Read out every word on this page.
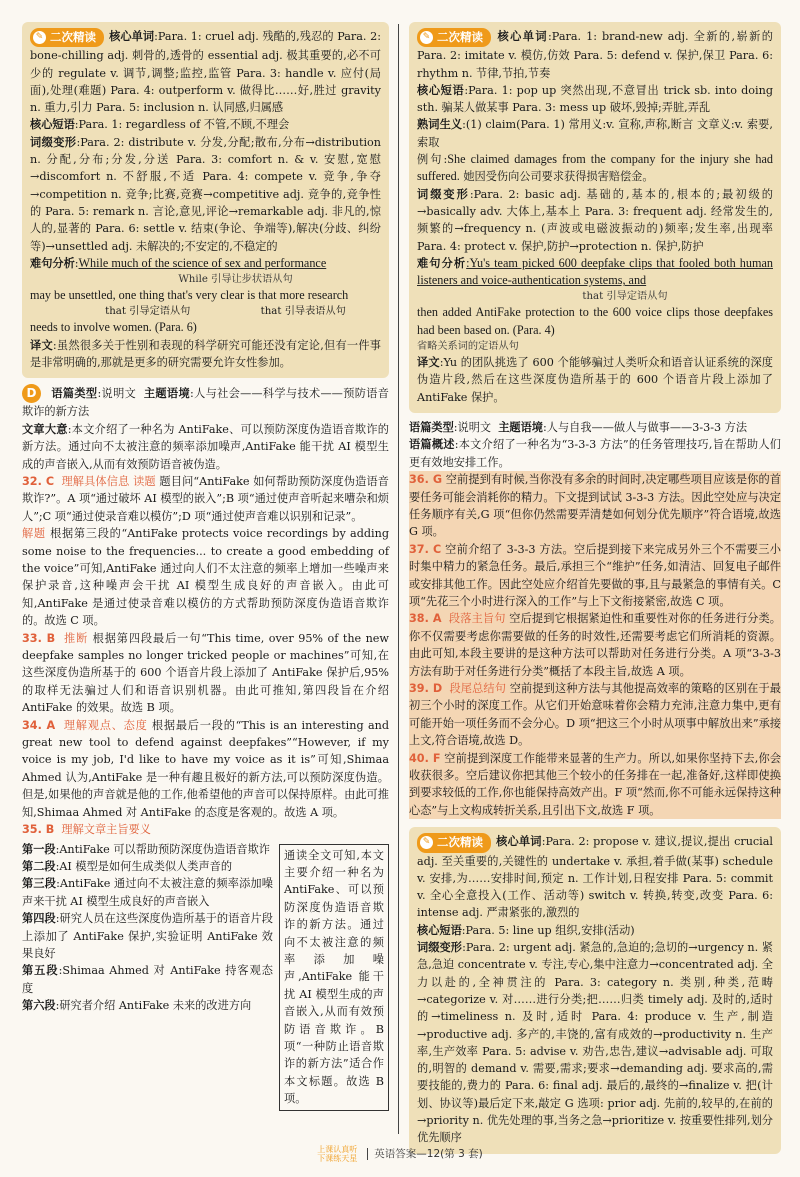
✎ 二次精读 核心单词:Para. 1: cruel adj. 残酷的,残忍的 Para. 2: bone-chilling adj. 刺骨的,透骨的 essential adj. 极其重要的,必不可少的 regulate v. 调节,调整;监控,监管 Para. 3: handle v. 应付(局面),处理(难题) Para. 4: outperform v. 做得比……好,胜过 gravity n. 重力,引力 Para. 5: inclusion n. 认同感,归属感

核心短语:Para. 1: regardless of 不管,不顾,不理会

词缀变形:Para. 2: distribute v. 分发,分配;散布,分布→distribution n. 分配,分布;分发,分送 Para. 3: comfort n. & v. 安慰,宽慰→discomfort n. 不舒服,不适 Para. 4: compete v. 竞争,争夺→competition n. 竞争;比赛,竞赛→competitive adj. 竞争的,竞争性的 Para. 5: remark n. 言论,意见,评论→remarkable adj. 非凡的,惊人的,显著的 Para. 6: settle v. 结束(争论、争端等),解决(分歧、纠纷等)→unsettled adj. 未解决的;不安定的,不稳定的

难句分析:While much of the science of sex and performance

While 引导让步状语从句

may be unsettled, one thing that's very clear is that more research

that 引导定语从句	that 引导表语从句

needs to involve women. (Para. 6)

译文:虽然很多关于性别和表现的科学研究可能还没有定论,但有一件事是非常明确的,那就是更多的研究需要允许女性参加。

D 语篇类型:说明文 主题语境:人与社会——科学与技术——预防语音欺诈的新方法

文章大意:本文介绍了一种名为 AntiFake、可以预防深度伪造语音欺诈的新方法。通过向不太被注意的频率添加噪声,AntiFake 能干扰 AI 模型生成的声音嵌入,从而有效预防语音被伪造。

32. C 理解具体信息 读题 题目问“AntiFake 如何帮助预防深度伪造语音欺诈?”。A 项“通过破坏 AI 模型的嵌入”;B 项“通过使声音听起来嘈杂和烦人”;C 项“通过使录音难以模仿”;D 项“通过使声音难以识别和记录”。

解题 根据第三段的“AntiFake protects voice recordings by adding some noise to the frequencies... to create a good embedding of the voice”可知,AntiFake 通过向人们不太注意的频率上增加一些噪声来保护录音,这种噪声会干扰 AI 模型生成良好的声音嵌入。由此可知,AntiFake 是通过使录音难以模仿的方式帮助预防深度伪造语音欺诈的。故选 C 项。

33. B 推断 根据第四段最后一句“This time, over 95% of the new deepfake samples no longer tricked people or machines”可知,在这些深度伪造所基于的 600 个语音片段上添加了 AntiFake 保护后,95% 的取样无法骗过人们和语音识别机器。由此可推知,第四段旨在介绍 AntiFake 的效果。故选 B 项。

34. A 理解观点、态度 根据最后一段的“This is an interesting and great new tool to defend against deepfakes”“However, if my voice is my job, I'd like to have my voice as it is”可知,Shimaa Ahmed 认为,AntiFake 是一种有趣且极好的新方法,可以预防深度伪造。但是,如果他的声音就是他的工作,他希望他的声音可以保持原样。由此可推知,Shimaa Ahmed 对 AntiFake 的态度是客观的。故选 A 项。

35. B 理解文章主旨要义

第一段:AntiFake 可以帮助预防深度伪造语音欺诈

第二段:AI 模型是如何生成类似人类声音的

第三段:AntiFake 通过向不太被注意的频率添加噪声来干扰 AI 模型生成良好的声音嵌入

第四段:研究人员在这些深度伪造所基于的语音片段上添加了 AntiFake 保护,实验证明 AntiFake 效果良好

第五段:Shimaa Ahmed 对 AntiFake 持客观态度

第六段:研究者介绍 AntiFake 未来的改进方向

通读全文可知,本文主要介绍一种名为 AntiFake、可以预防深度伪造语音欺诈的新方法。通过向不太被注意的频率添加噪声,AntiFake 能干扰 AI 模型生成的声音嵌入,从而有效预防语音欺诈。B 项“一种防止语音欺诈的新方法”适合作本文标题。故选 B 项。

✎ 二次精读 核心单词:Para. 1: brand-new adj. 全新的,崭新的 Para. 2: imitate v. 模仿,仿效 Para. 5: defend v. 保护,保卫 Para. 6: rhythm n. 节律,节拍,节奏

核心短语:Para. 1: pop up 突然出现,不意冒出 trick sb. into doing sth. 骗某人做某事 Para. 3: mess up 破坏,毁掉;弄脏,弄乱

熟词生义:(1) claim(Para. 1) 常用义:v. 宣称,声称,断言 文章义:v. 索要,索取

例句:She claimed damages from the company for the injury she had suffered. 她因受伤向公司要求获得损害赔偿金。

词缀变形:Para. 2: basic adj. 基础的,基本的,根本的;最初级的→basically adv. 大体上,基本上 Para. 3: frequent adj. 经常发生的,频繁的→frequency n. (声波或电磁波振动的)频率;发生率,出现率 Para. 4: protect v. 保护,防护→protection n. 保护,防护

难句分析:Yu's team picked 600 deepfake clips that fooled both human listeners and voice-authentication systems, and

that 引导定语从句

then added AntiFake protection to the 600 voice clips those deepfakes had been based on. (Para. 4)

省略关系词的定语从句

译文:Yu 的团队挑选了 600 个能够骗过人类听众和语音认证系统的深度伪造片段,然后在这些深度伪造所基于的 600 个语音片段上添加了 AntiFake 保护。

语篇类型:说明文 主题语境:人与自我——做人与做事——3-3-3 方法

语篇概述:本文介绍了一种名为“3-3-3 方法”的任务管理技巧,旨在帮助人们更有效地安排工作。

36. G 空前提到有时候,当你没有多余的时间时,决定哪些项目应该是你的首要任务可能会消耗你的精力。下文提到试试 3-3-3 方法。因此空处应与决定任务顺序有关,G 项“但你仍然需要弄清楚如何划分优先顺序”符合语境,故选 G 项。

37. C 空前介绍了 3-3-3 方法。空后提到接下来完成另外三个不需要三小时集中精力的紧急任务。最后,承担三个“维护”任务,如清洁、回复电子邮件或安排其他工作。因此空处应介绍首先要做的事,且与最紧急的事情有关。C 项“先花三个小时进行深入的工作”与上下文衔接紧密,故选 C 项。

38. A 段落主旨句 空后提到它根据紧迫性和重要性对你的任务进行分类。你不仅需要考虑你需要做的任务的时效性,还需要考虑它们所消耗的资源。由此可知,本段主要讲的是这种方法可以帮助对任务进行分类。A 项“3-3-3 方法有助于对任务进行分类”概括了本段主旨,故选 A 项。

39. D 段尾总结句 空前提到这种方法与其他提高效率的策略的区别在于最初三个小时的深度工作。从它们开始意味着你会精力充沛,注意力集中,更有可能开始一项任务而不会分心。D 项“把这三个小时从项事中解放出来”承接上文,符合语境,故选 D。

40. F 空前提到深度工作能带来显著的生产力。所以,如果你坚持下去,你会收获很多。空后建议你把其他三个较小的任务排在一起,准备好,这样即使换到要求较低的工作,你也能保持高效产出。F 项“然而,你不可能永远保持这种心态”与上文构成转折关系,且引出下文,故选 F 项。

✎ 二次精读 核心单词:Para. 2: propose v. 建议,提议,提出 crucial adj. 至关重要的,关键性的 undertake v. 承担,着手做(某事) schedule v. 安排,为……安排时间,预定 n. 工作计划,日程安排 Para. 5: commit v. 全心全意投入(工作、活动等) switch v. 转换,转变,改变 Para. 6: intense adj. 严肃紧张的,激烈的

核心短语:Para. 5: line up 组织,安排(活动)

词缀变形:Para. 2: urgent adj. 紧急的,急迫的;急切的→urgency n. 紧急,急迫 concentrate v. 专注,专心,集中注意力→concentrated adj. 全力以赴的,全神贯注的 Para. 3: category n. 类别,种类,范畴→categorize v. 对……进行分类;把……归类 timely adj. 及时的,适时的→timeliness n. 及时,适时 Para. 4: produce v. 生产,制造→productive adj. 多产的,丰饶的,富有成效的→productivity n. 生产率,生产效率 Para. 5: advise v. 劝告,忠告,建议→advisable adj. 可取的,明智的 demand v. 需要,需求;要求→demanding adj. 要求高的,需要技能的,费力的 Para. 6: final adj. 最后的,最终的→finalize v. 把(计划、协议等)最后定下来,敲定 G 选项: prior adj. 先前的,较早的,在前的→priority n. 优先处理的事,当务之急→prioritize v. 按重要性排列,划分优先顺序

上课认真听
下课练天星 英语答案—12(第 3 套)
